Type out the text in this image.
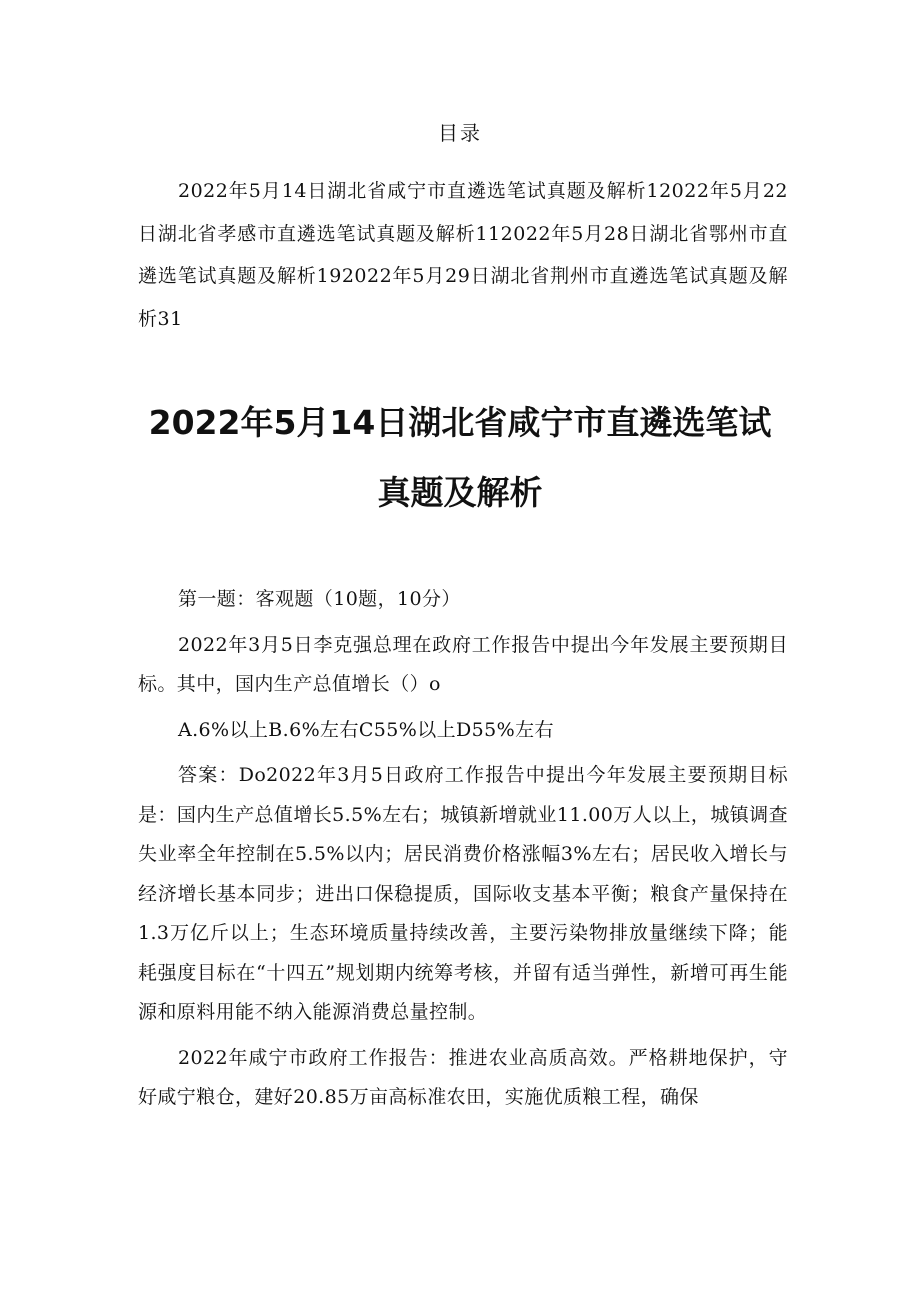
目录

2022年5月14日湖北省咸宁市直遴选笔试真题及解析12022年5月22日湖北省孝感市直遴选笔试真题及解析112022年5月28日湖北省鄂州市直遴选笔试真题及解析192022年5月29日湖北省荆州市直遴选笔试真题及解析31

2022年5月14日湖北省咸宁市直遴选笔试
真题及解析

第一题：客观题（10题，10分）

2022年3月5日李克强总理在政府工作报告中提出今年发展主要预期目标。其中，国内生产总值增长（）o

A.6%以上B.6%左右C55%以上D55%左右

答案：Do2022年3月5日政府工作报告中提出今年发展主要预期目标是：国内生产总值增长5.5%左右；城镇新增就业11.00万人以上，城镇调查失业率全年控制在5.5%以内；居民消费价格涨幅3%左右；居民收入增长与经济增长基本同步；进出口保稳提质，国际收支基本平衡；粮食产量保持在1.3万亿斤以上；生态环境质量持续改善，主要污染物排放量继续下降；能耗强度目标在“十四五”规划期内统筹考核，并留有适当弹性，新增可再生能源和原料用能不纳入能源消费总量控制。

2022年咸宁市政府工作报告：推进农业高质高效。严格耕地保护，守好咸宁粮仓，建好20.85万亩高标准农田，实施优质粮工程，确保
